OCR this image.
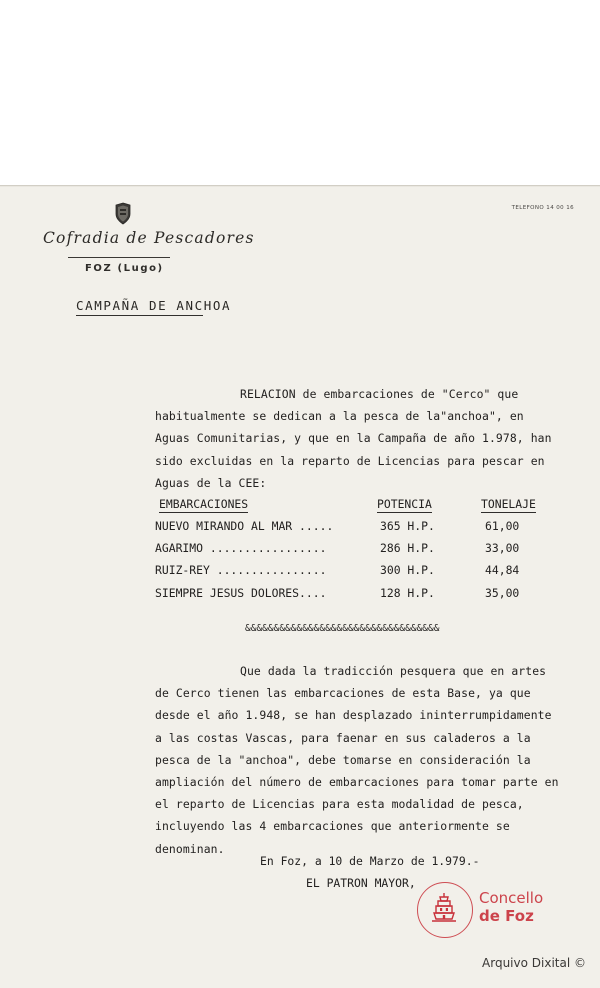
Cofradia de Pescadores
FOZ (Lugo)
TELEFONO 14 00 16
CAMPAÑA DE ANCHOA
RELACION de embarcaciones de "Cerco" que habitualmente se dedican a la pesca de la"anchoa", en Aguas Comunitarias, y que en la Campaña de año 1.978, han sido excluidas en la reparto de Licencias para pescar en Aguas de la CEE:
EMBARCACIONES	POTENCIA	TONELAJE
NUEVO MIRANDO AL MAR .....	365 H.P.	61,00
AGARIMO .................	286 H.P.	33,00
RUIZ-REY ................	300 H.P.	44,84
SIEMPRE JESUS DOLORES....	128 H.P.	35,00
&&&&&&&&&&&&&&&&&&&&&&&&&&&&&&&&&&
Que dada la tradicción pesquera que en artes de Cerco tienen las embarcaciones de esta Base, ya que desde el año 1.948, se han desplazado ininterrumpidamente a las costas Vascas, para faenar en sus caladeros a la pesca de la "anchoa", debe tomarse en consideración la ampliación del número de embarcaciones para tomar parte en el reparto de Licencias para esta modalidad de pesca, incluyendo las 4 embarcaciones que anteriormente se denominan.
En Foz, a 10 de Marzo de 1.979.-
EL PATRON MAYOR,
Concello
de Foz
Arquivo Dixital ©
